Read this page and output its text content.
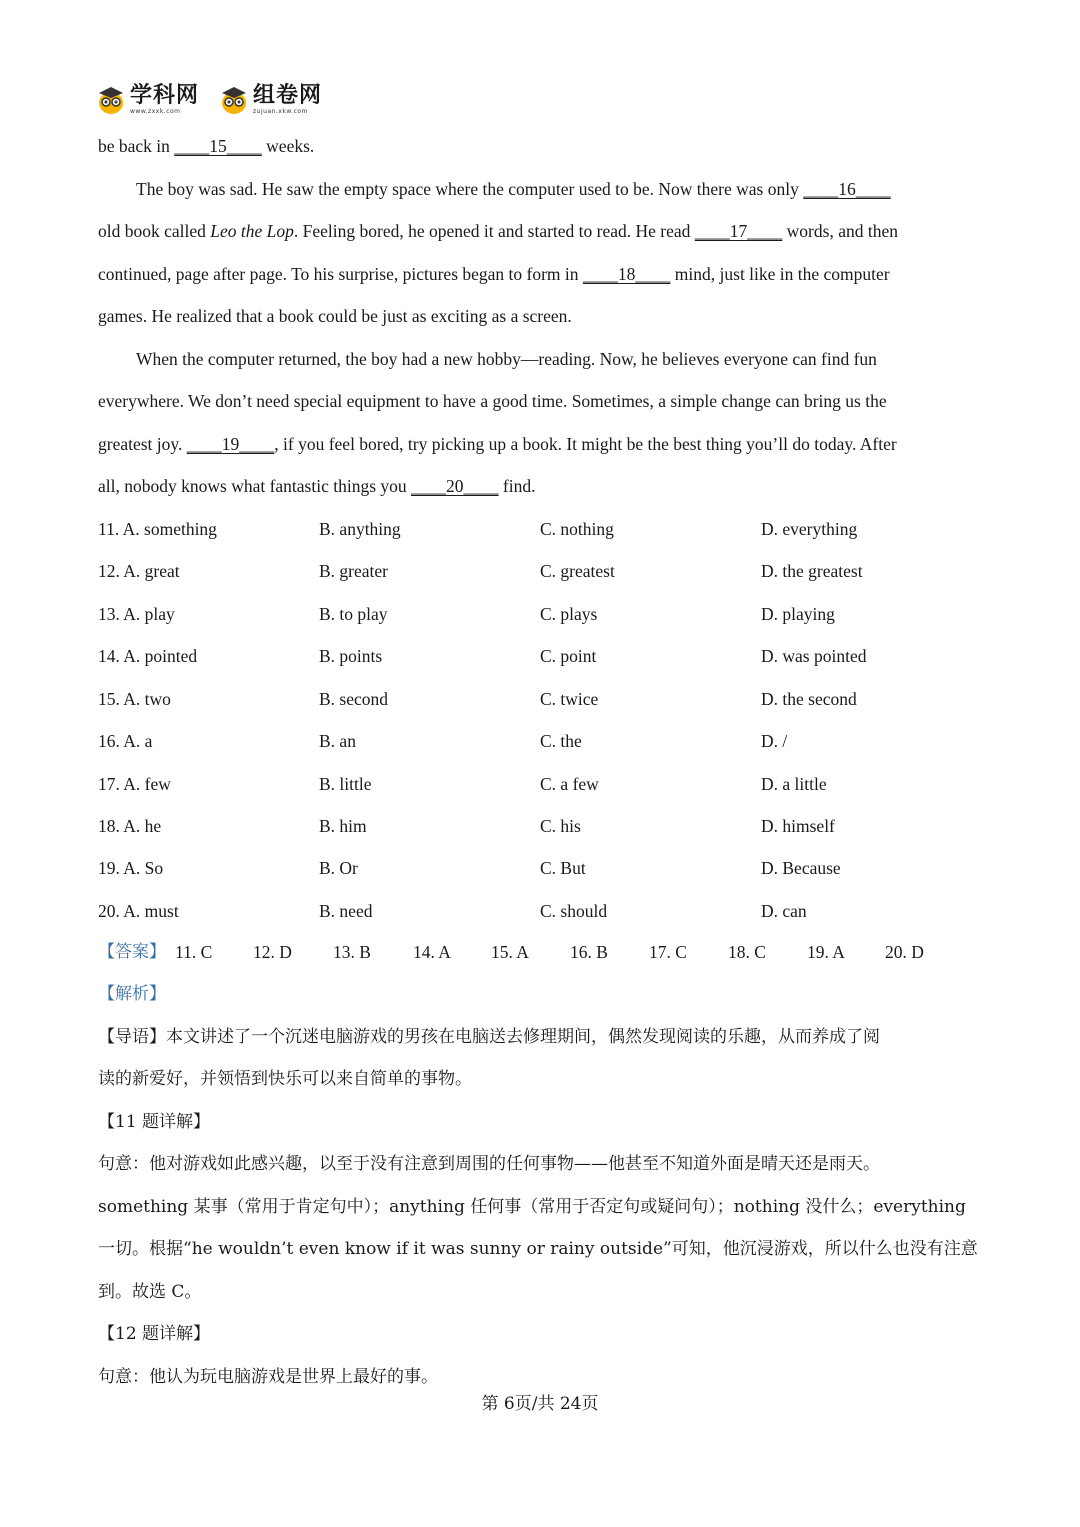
学科网
www.zxxk.com
组卷网
zujuan.xkw.com
be back in ____ 15 ____ weeks.
The boy was sad. He saw the empty space where the computer used to be. Now there was only ____ 16 ____
old book called Leo the Lop. Feeling bored, he opened it and started to read. He read ____ 17 ____ words, and then
continued, page after page. To his surprise, pictures began to form in ____ 18 ____ mind, just like in the computer
games. He realized that a book could be just as exciting as a screen.
When the computer returned, the boy had a new hobby—reading. Now, he believes everyone can find fun
everywhere. We don’t need special equipment to have a good time. Sometimes, a simple change can bring us the
greatest joy. ____ 19 ____ , if you feel bored, try picking up a book. It might be the best thing you’ll do today. After
all, nobody knows what fantastic things you ____ 20 ____ find.
11. A. something	B. anything	C. nothing	D. everything
12. A. great	B. greater	C. greatest	D. the greatest
13. A. play	B. to play	C. plays	D. playing
14. A. pointed	B. points	C. point	D. was pointed
15. A. two	B. second	C. twice	D. the second
16. A. a	B. an	C. the	D. /
17. A. few	B. little	C. a few	D. a little
18. A. he	B. him	C. his	D. himself
19. A. So	B. Or	C. But	D. Because
20. A. must	B. need	C. should	D. can
【答案】 11. C 12. D 13. B 14. A 15. A 16. B 17. C 18. C 19. A 20. D
【解析】
【导语】本文讲述了一个沉迷电脑游戏的男孩在电脑送去修理期间，偶然发现阅读的乐趣，从而养成了阅
读的新爱好，并领悟到快乐可以来自简单的事物。
【11 题详解】
句意：他对游戏如此感兴趣，以至于没有注意到周围的任何事物——他甚至不知道外面是晴天还是雨天。
something 某事（常用于肯定句中）；anything 任何事（常用于否定句或疑问句）；nothing 没什么；everything
一切。根据“he wouldn’t even know if it was sunny or rainy outside”可知，他沉浸游戏，所以什么也没有注意
到。故选 C。
【12 题详解】
句意：他认为玩电脑游戏是世界上最好的事。
第 6页/共 24页
